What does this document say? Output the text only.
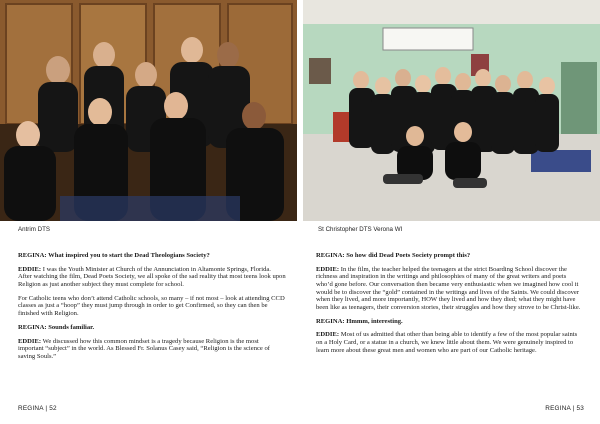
Antrim DTS

REGINA: What inspired you to start the Dead Theologians Society?

EDDIE: I was the Youth Minister at Church of the Annunciation in Altamonte Springs, Florida. After watching the film, Dead Poets Society, we all spoke of the sad reality that most teens look upon Religion as just another subject they must complete for school.

For Catholic teens who don’t attend Catholic schools, so many – if not most – look at attending CCD classes as just a “hoop” they must jump through in order to get Confirmed, so they can then be finished with Religion.

REGINA: Sounds familiar.

EDDIE: We discussed how this common mindset is a tragedy because Religion is the most important “subject” in the world. As Blessed Fr. Solanus Casey said, “Religion is the science of saving Souls.”

REGINA | 52
St Christopher DTS Verona WI

REGINA: So how did Dead Poets Society prompt this?

EDDIE: In the film, the teacher helped the teenagers at the strict Boarding School discover the richness and inspiration in the writings and philosophies of many of the great writers and poets who’d gone before. Our conversation then became very enthusiastic when we imagined how cool it would be to discover the “gold” contained in the writings and lives of the Saints. We could discover when they lived, and more importantly, HOW they lived and how they died; what they might have been like as teenagers, their conversion stories, their struggles and how they strove to be Christ-like.

REGINA: Hmmm, interesting.

EDDIE: Most of us admitted that other than being able to identify a few of the most popular saints on a Holy Card, or a statue in a church, we knew little about them. We were genuinely inspired to learn more about these great men and women who are part of our Catholic heritage.

REGINA | 53
